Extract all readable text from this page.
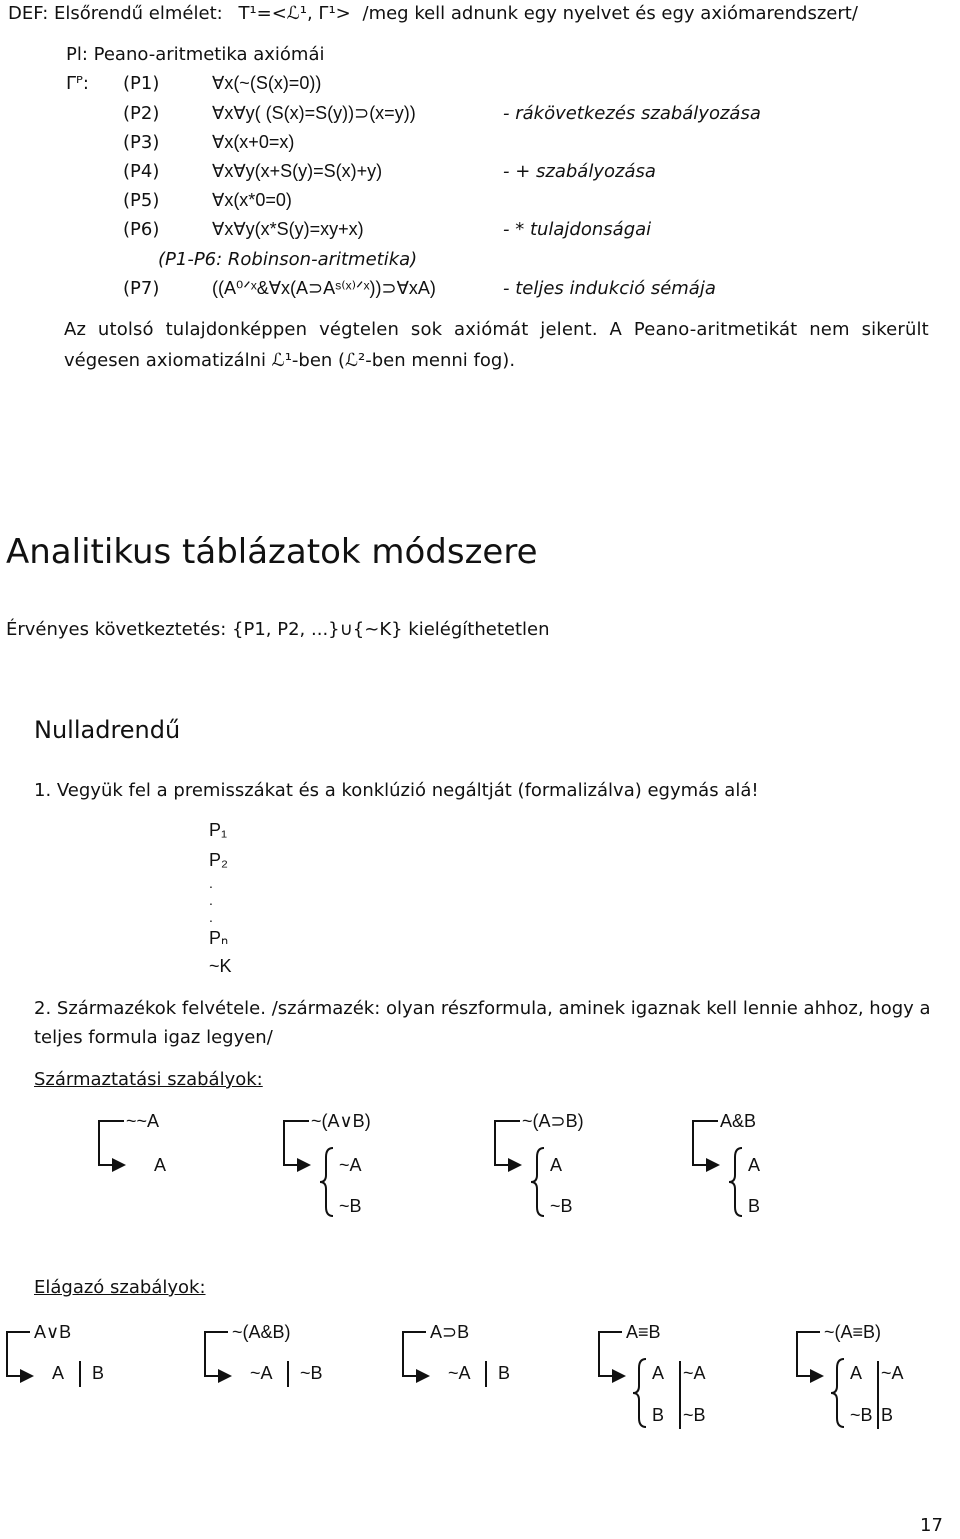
DEF: Elsőrendű elmélet: T¹=<ℒ¹, Γ¹> /meg kell adnunk egy nyelvet és egy axiómarendszert/
Pl: Peano-aritmetika axiómái
Γᴾ: (P1)	∀x(~(S(x)=0))
(P2)	∀x∀y( (S(x)=S(y))⊃(x=y))	- rákövetkezés szabályozása
(P3)	∀x(x+0=x)
(P4)	∀x∀y(x+S(y)=S(x)+y)	- + szabályozása
(P5)	∀x(x*0=0)
(P6)	∀x∀y(x*S(y)=xy+x)	- * tulajdonságai
(P7)	((A⁰ᐟˣ&∀x(A⊃Aˢ⁽ˣ⁾ᐟˣ))⊃∀xA)	- teljes indukció sémája
(P1-P6: Robinson-aritmetika)
Az utolsó tulajdonképpen végtelen sok axiómát jelent. A Peano-aritmetikát nem sikerült
végesen axiomatizálni ℒ¹-ben (ℒ²-ben menni fog).
Analitikus táblázatok módszere
Érvényes következtetés: {P1, P2, ...}∪{~K} kielégíthetetlen
Nulladrendű
1. Vegyük fel a premisszákat és a konklúzió negáltját (formalizálva) egymás alá!
P₁
P₂
.
.
.
Pₙ
~K
2. Származékok felvétele. /származék: olyan részformula, aminek igaznak kell lennie ahhoz, hogy a
teljes formula igaz legyen/
Származtatási szabályok:
~~A
A
~(A∨B)
~A
~B
~(A⊃B)
A
~B
A&B
A
B
Elágazó szabályok:
A∨B
A B
~(A&B)
~A ~B
A⊃B
~A B
A≡B
A
B
~A
~B
~(A≡B)
A
~B
~A
B
17
